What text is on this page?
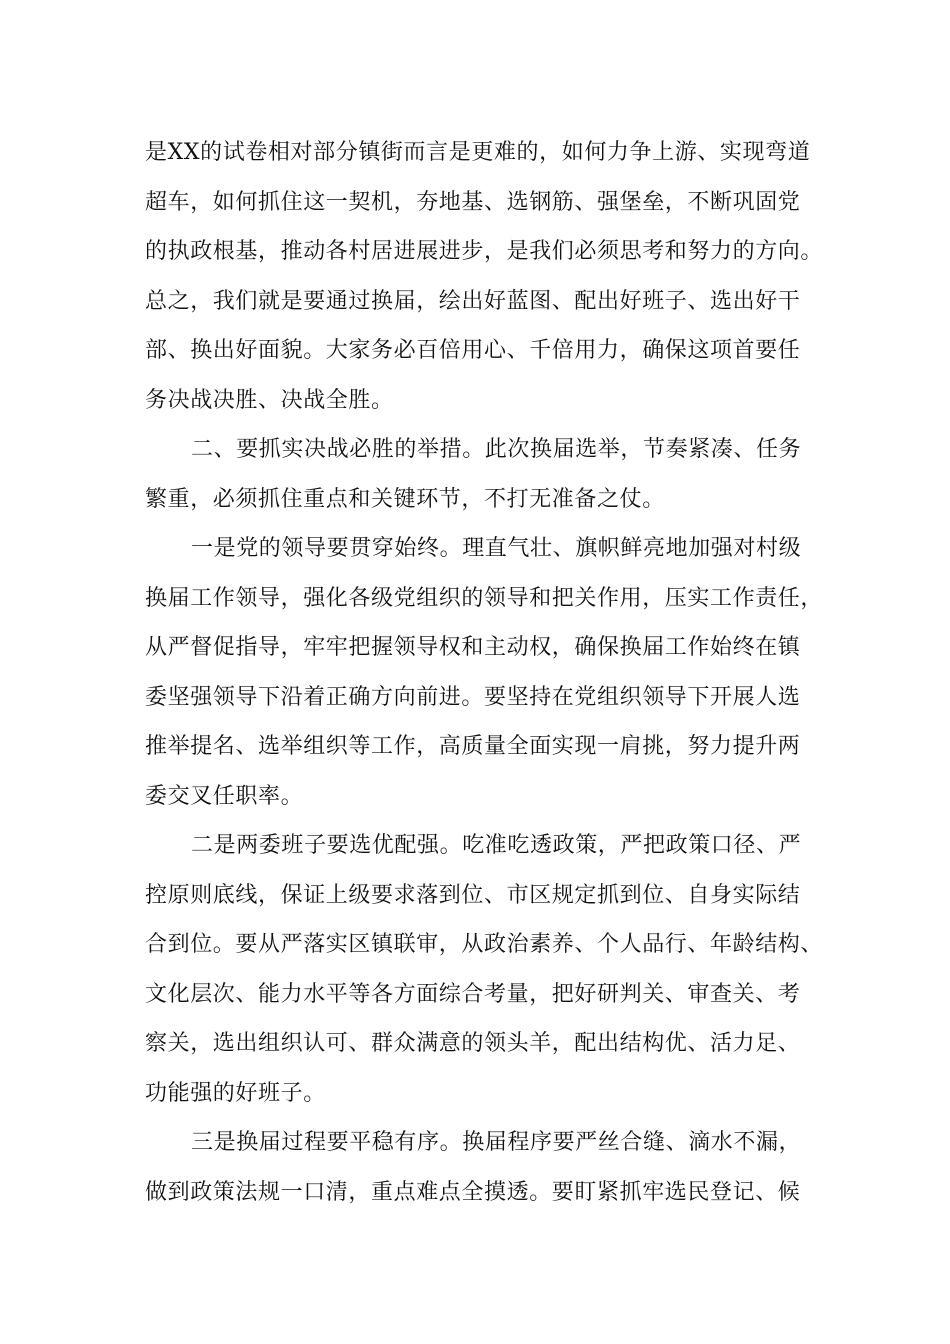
是XX的试卷相对部分镇街而言是更难的，如何力争上游、实现弯道
超车，如何抓住这一契机，夯地基、选钢筋、强堡垒，不断巩固党
的执政根基，推动各村居进展进步，是我们必须思考和努力的方向。
总之，我们就是要通过换届，绘出好蓝图、配出好班子、选出好干
部、换出好面貌。大家务必百倍用心、千倍用力，确保这项首要任
务决战决胜、决战全胜。
二、要抓实决战必胜的举措。此次换届选举，节奏紧凑、任务
繁重，必须抓住重点和关键环节，不打无准备之仗。
一是党的领导要贯穿始终。理直气壮、旗帜鲜亮地加强对村级
换届工作领导，强化各级党组织的领导和把关作用，压实工作责任，
从严督促指导，牢牢把握领导权和主动权，确保换届工作始终在镇
委坚强领导下沿着正确方向前进。要坚持在党组织领导下开展人选
推举提名、选举组织等工作，高质量全面实现一肩挑，努力提升两
委交叉任职率。
二是两委班子要选优配强。吃准吃透政策，严把政策口径、严
控原则底线，保证上级要求落到位、市区规定抓到位、自身实际结
合到位。要从严落实区镇联审，从政治素养、个人品行、年龄结构、
文化层次、能力水平等各方面综合考量，把好研判关、审查关、考
察关，选出组织认可、群众满意的领头羊，配出结构优、活力足、
功能强的好班子。
三是换届过程要平稳有序。换届程序要严丝合缝、滴水不漏，
做到政策法规一口清，重点难点全摸透。要盯紧抓牢选民登记、候
